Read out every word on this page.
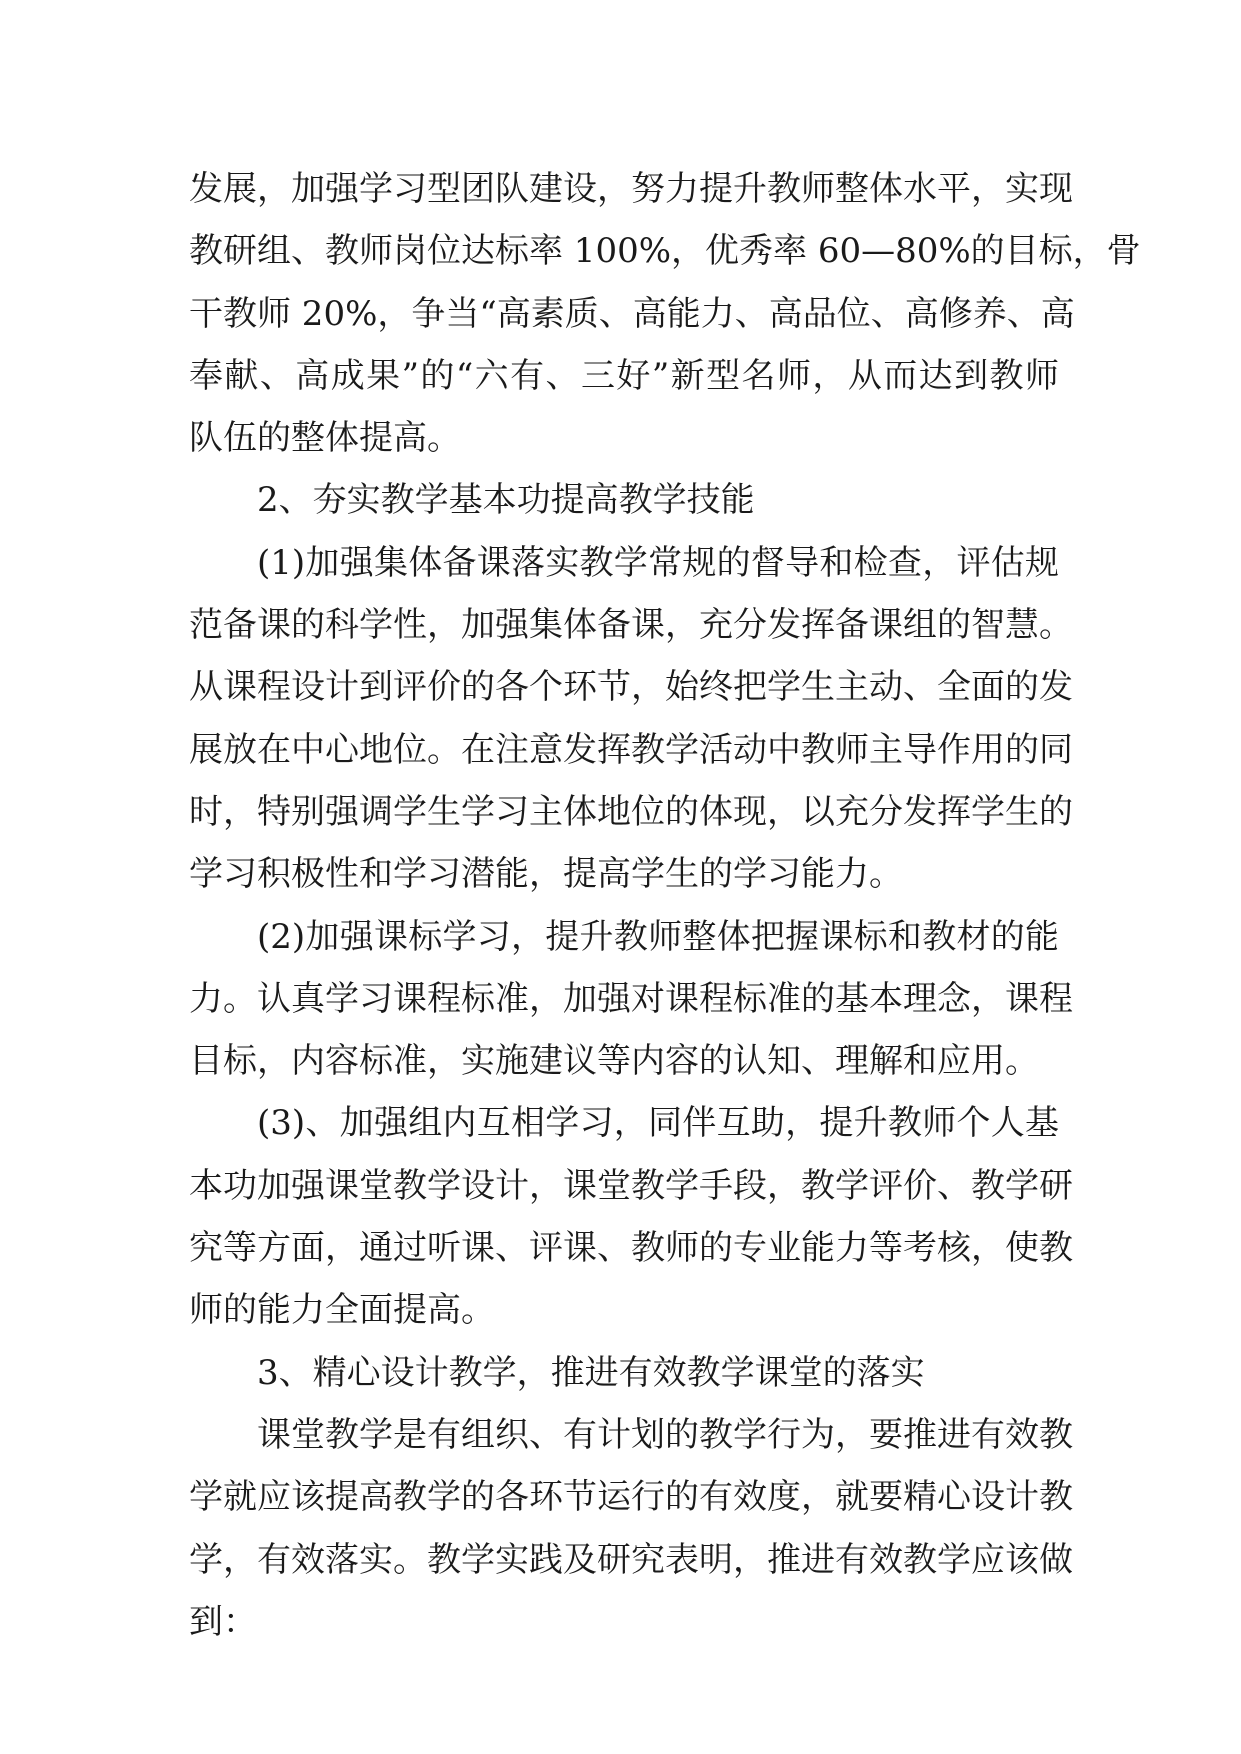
发展，加强学习型团队建设，努力提升教师整体水平，实现
教研组、教师岗位达标率 100%，优秀率 60—80%的目标，骨
干教师 20%，争当“高素质、高能力、高品位、高修养、高
奉献、高成果”的“六有、三好”新型名师，从而达到教师
队伍的整体提高。
2、夯实教学基本功提高教学技能
(1)加强集体备课落实教学常规的督导和检查，评估规
范备课的科学性，加强集体备课，充分发挥备课组的智慧。
从课程设计到评价的各个环节，始终把学生主动、全面的发
展放在中心地位。在注意发挥教学活动中教师主导作用的同
时，特别强调学生学习主体地位的体现，以充分发挥学生的
学习积极性和学习潜能，提高学生的学习能力。
(2)加强课标学习，提升教师整体把握课标和教材的能
力。认真学习课程标准，加强对课程标准的基本理念，课程
目标，内容标准，实施建议等内容的认知、理解和应用。
(3)、加强组内互相学习，同伴互助，提升教师个人基
本功加强课堂教学设计，课堂教学手段，教学评价、教学研
究等方面，通过听课、评课、教师的专业能力等考核，使教
师的能力全面提高。
3、精心设计教学，推进有效教学课堂的落实
课堂教学是有组织、有计划的教学行为，要推进有效教
学就应该提高教学的各环节运行的有效度，就要精心设计教
学，有效落实。教学实践及研究表明，推进有效教学应该做
到：
